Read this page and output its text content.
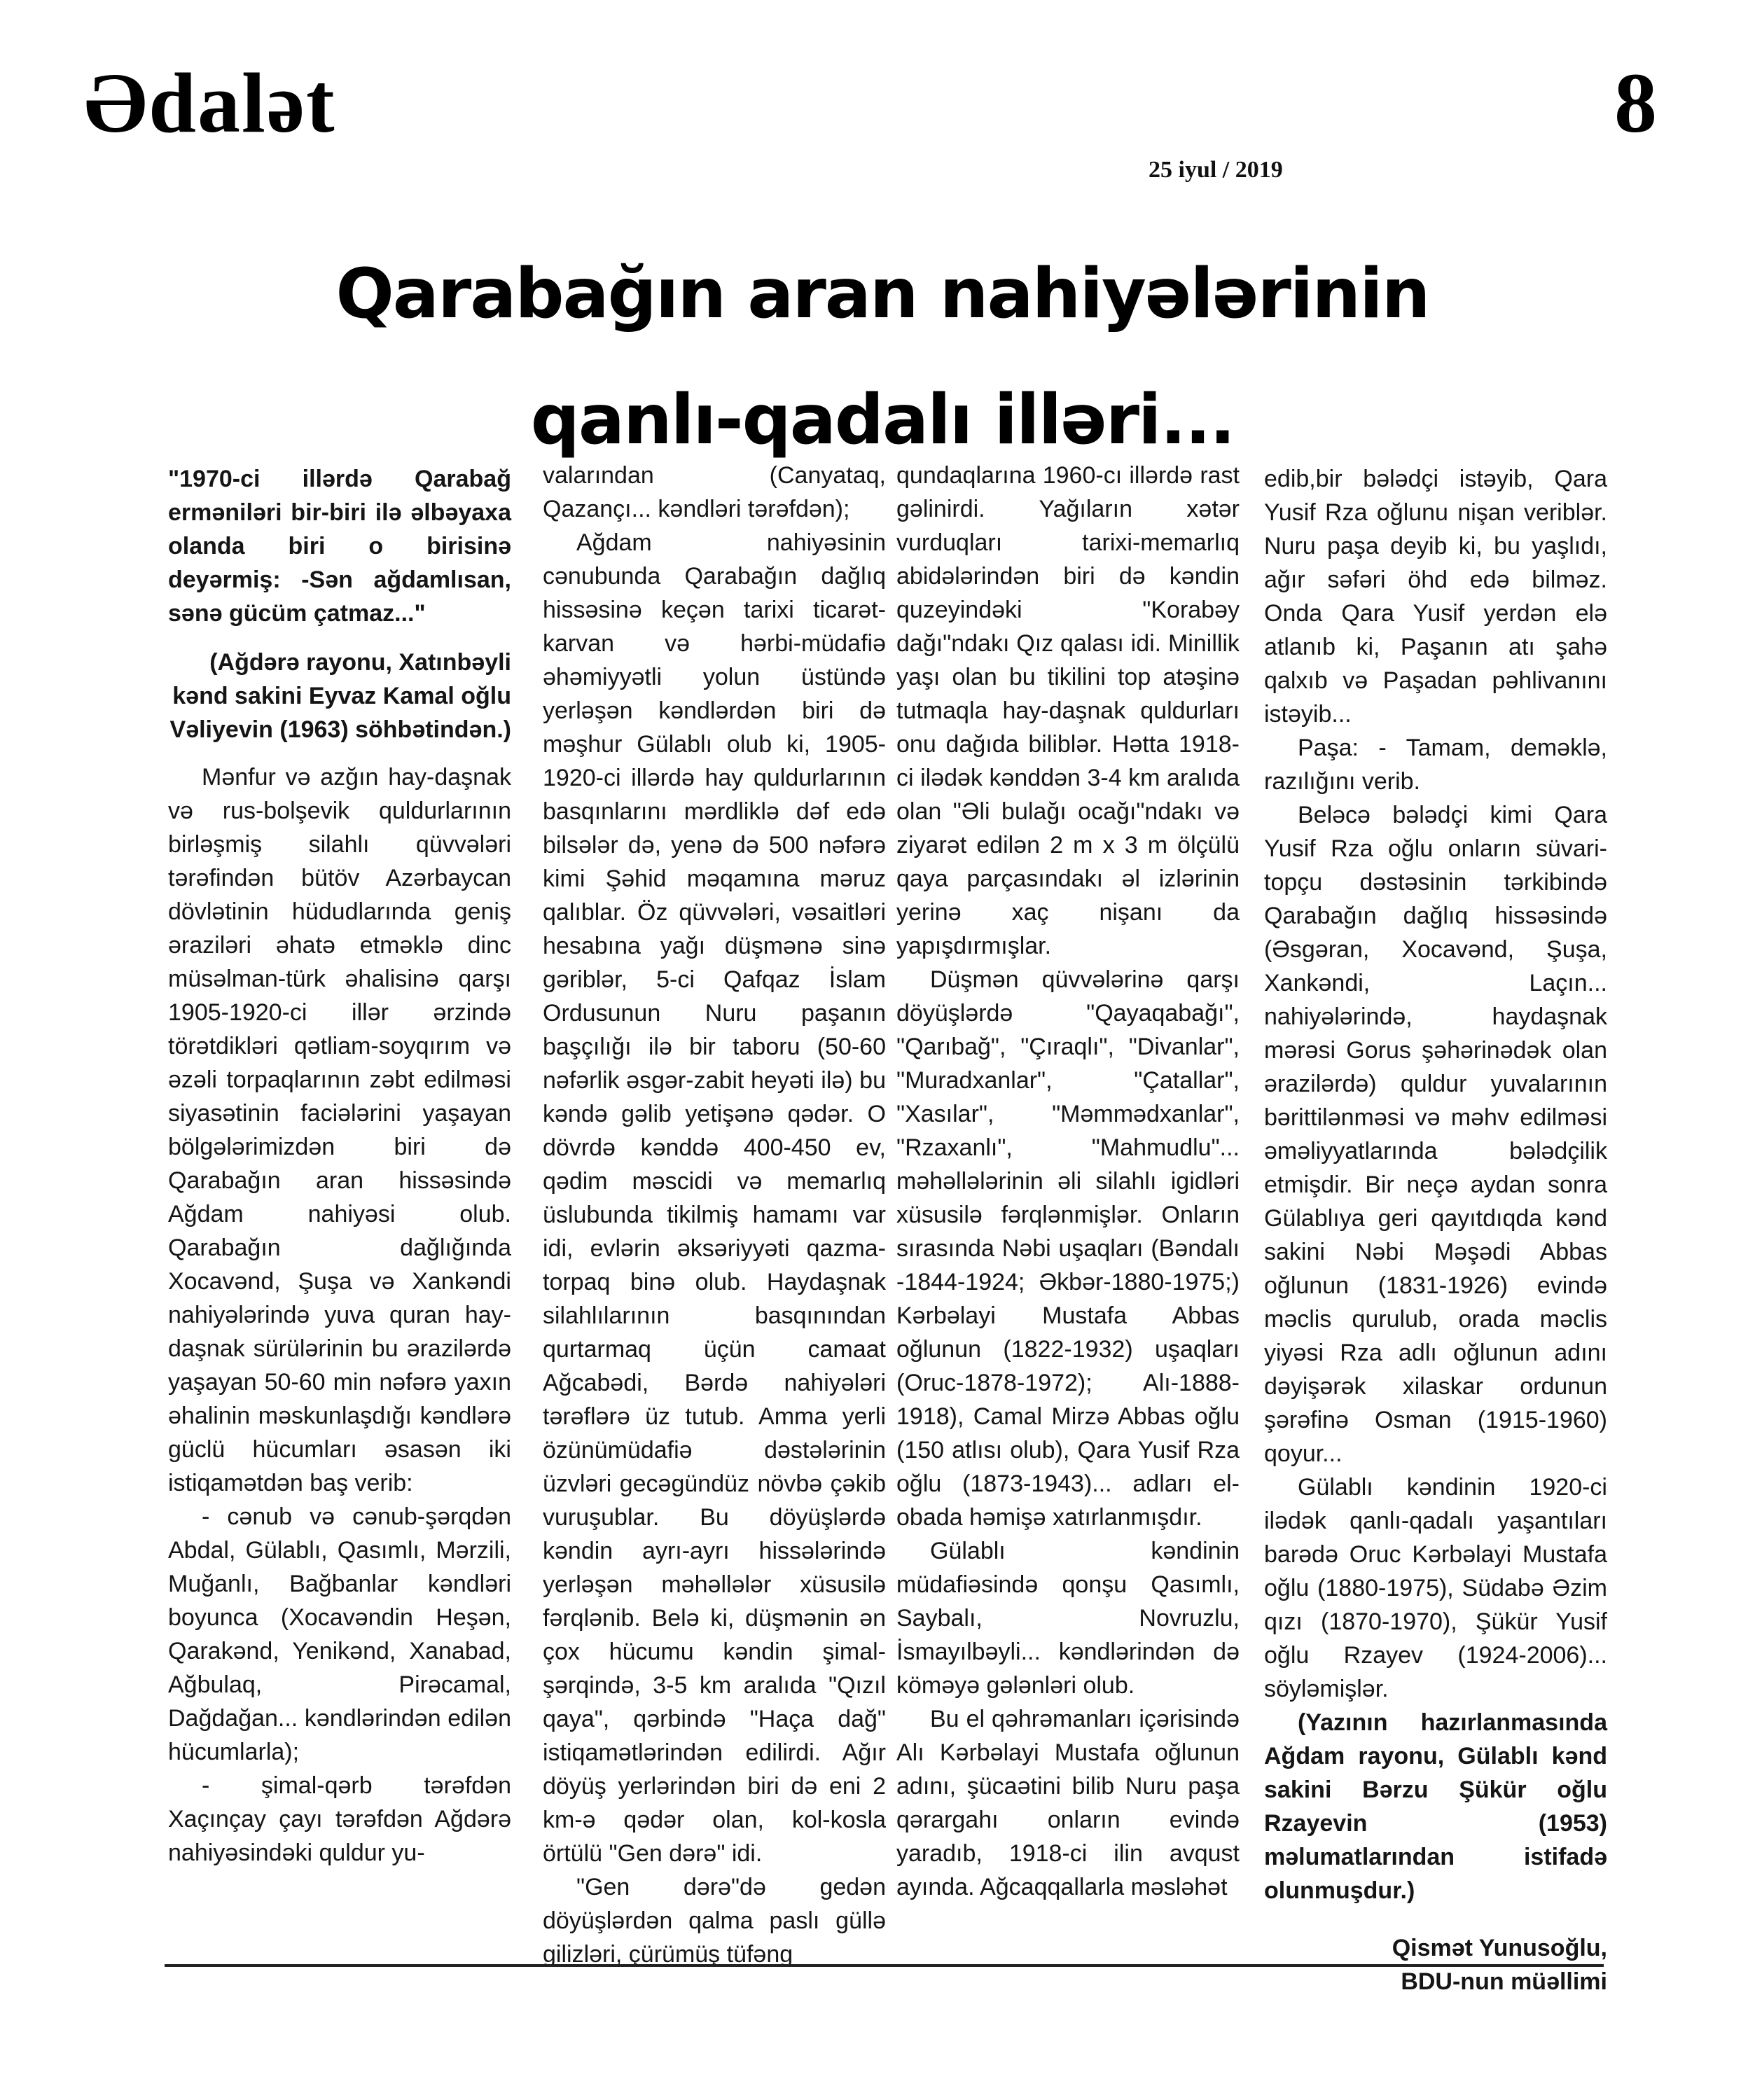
Ədalət	8
25 iyul / 2019
Qarabağın aran nahiyələrinin
qanlı-qadalı illəri...

"1970-ci illərdə Qarabağ ermənilәri bir-biri ilə əlbəyaxa olanda biri o birisinə deyərmiş: -Sən ağdamlısan, sənə gücüm çatmaz..."

(Ağdərə rayonu, Xatınbəyli kənd sakini Eyvaz Kamal oğlu Vəliyevin (1963) söhbətindən.)

Mənfur və azğın hay-daşnak və rus-bolşevik quldurlarının birləşmiş silahlı qüvvələri tərəfindən bütöv Azərbaycan dövlətinin hüdudlarında geniş əraziləri əhatə etməklə dinc müsəlman-türk əhalisinə qarşı 1905-1920-ci illər ərzində törətdikləri qətliam-soyqırım və əzəli torpaqlarının zəbt edilməsi siyasətinin faciələrini yaşayan bölgələrimizdən biri də Qarabağın aran hissəsində Ağdam nahiyəsi olub. Qarabağın dağlığında Xocavənd, Şuşa və Xankəndi nahiyələrində yuva quran hay-daşnak sürülərinin bu ərazilərdə yaşayan 50-60 min nəfərə yaxın əhalinin məskunlaşdığı kəndlərə güclü hücumları əsasən iki istiqamətdən baş verib:

- cənub və cənub-şərqdən Abdal, Gülablı, Qasımlı, Mərzili, Muğanlı, Bağbanlar kəndləri boyunca (Xocavəndin Heşən, Qarakənd, Yenikənd, Xanabad, Ağbulaq, Pirəcamal, Dağdağan... kəndlərindən edilən hücumlarla);

- şimal-qərb tərəfdən Xaçınçay çayı tərəfdən Ağdərə nahiyəsindəki quldur yu-

valarından (Canyataq, Qazançı... kəndləri tərəfdən);

Ağdam nahiyəsinin cənubunda Qarabağın dağlıq hissəsinə keçən tarixi ticarət-karvan və hərbi-müdafiə əhəmiyyətli yolun üstündə yerləşən kəndlərdən biri də məşhur Gülablı olub ki, 1905-1920-ci illərdə hay quldurlarının basqınlarını mərdliklə dəf edə bilsələr də, yenə də 500 nəfərə kimi Şəhid məqamına məruz qalıblar. Öz qüvvələri, vəsaitləri hesabına yağı düşmənə sinə gəriblər, 5-ci Qafqaz İslam Ordusunun Nuru paşanın başçılığı ilə bir taboru (50-60 nəfərlik əsgər-zabit heyəti ilə) bu kəndə gəlib yetişənə qədər. O dövrdə kənddə 400-450 ev, qədim məscidi və memarlıq üslubunda tikilmiş hamamı var idi, evlərin əksəriyyəti qazma-torpaq binə olub. Haydaşnak silahlılarının basqınından qurtarmaq üçün camaat Ağcabədi, Bərdə nahiyələri tərəflərə üz tutub. Amma yerli özünümüdafiə dəstələrinin üzvləri gecəgündüz növbə çəkib vuruşublar. Bu döyüşlərdə kəndin ayrı-ayrı hissələrində yerləşən məhəllələr xüsusilə fərqlənib. Belə ki, düşmənin ən çox hücumu kəndin şimal-şərqində, 3-5 km aralıda "Qızıl qaya", qərbində "Haça dağ" istiqamətlərindən edilirdi. Ağır döyüş yerlərindən biri də eni 2 km-ə qədər olan, kol-kosla örtülü "Gen dərə" idi.

"Gen dərə"də gedən döyüşlərdən qalma paslı güllə gilizləri, çürümüş tüfəng

qundaqlarına 1960-cı illərdə rast gəlinirdi. Yağıların xətər vurduqları tarixi-memarlıq abidələrindən biri də kəndin quzeyindəki "Korabəy dağı"ndakı Qız qalası idi. Minillik yaşı olan bu tikilini top atəşinə tutmaqla hay-daşnak quldurları onu dağıda biliblər. Hətta 1918-ci ilədək kənddən 3-4 km aralıda olan "Əli bulağı ocağı"ndakı və ziyarət edilən 2 m x 3 m ölçülü qaya parçasındakı əl izlərinin yerinə xaç nişanı da yapışdırmışlar.

Düşmən qüvvələrinə qarşı döyüşlərdə "Qayaqabağı", "Qarıbağ", "Çıraqlı", "Divanlar", "Muradxanlar", "Çatallar", "Xasılar", "Məmmədxanlar", "Rzaxanlı", "Mahmudlu"... məhəllələrinin əli silahlı igidləri xüsusilə fərqlənmişlər. Onların sırasında Nəbi uşaqları (Bəndalı -1844-1924; Əkbər-1880-1975;) Kərbəlayi Mustafa Abbas oğlunun (1822-1932) uşaqları (Oruc-1878-1972); Alı-1888-1918), Camal Mirzə Abbas oğlu (150 atlısı olub), Qara Yusif Rza oğlu (1873-1943)... adları el-obada həmişə xatırlanmışdır.

Gülablı kəndinin müdafiəsində qonşu Qasımlı, Saybalı, Novruzlu, İsmayılbəyli... kəndlərindən də köməyə gələnləri olub.

Bu el qəhrəmanları içərisində Alı Kərbəlayi Mustafa oğlunun adını, şücaətini bilib Nuru paşa qərargahı onların evində yaradıb, 1918-ci ilin avqust ayında. Ağcaqqallarla məsləhət

edib,bir bələdçi istəyib, Qara Yusif Rza oğlunu nişan veriblər. Nuru paşa deyib ki, bu yaşlıdı, ağır səfəri öhd edə bilməz. Onda Qara Yusif yerdən elə atlanıb ki, Paşanın atı şahə qalxıb və Paşadan pəhlivanını istəyib...

Paşa: - Tamam, deməklə, razılığını verib.

Beləcə bələdçi kimi Qara Yusif Rza oğlu onların süvari-topçu dəstəsinin tərkibində Qarabağın dağlıq hissəsində (Əsgəran, Xocavənd, Şuşa, Xankəndi, Laçın... nahiyələrində, haydaşnak mərəsi Gorus şəhərinədək olan ərazilərdə) quldur yuvalarının bərittilənməsi və məhv edilməsi əməliyyatlarında bələdçilik etmişdir. Bir neçə aydan sonra Gülablıya geri qayıtdıqda kənd sakini Nəbi Məşədi Abbas oğlunun (1831-1926) evində məclis qurulub, orada məclis yiyəsi Rza adlı oğlunun adını dəyişərək xilaskar ordunun şərəfinə Osman (1915-1960) qoyur...

Gülablı kəndinin 1920-ci ilədək qanlı-qadalı yaşantıları barədə Oruc Kərbəlayi Mustafa oğlu (1880-1975), Südabə Əzim qızı (1870-1970), Şükür Yusif oğlu Rzayev (1924-2006)... söyləmişlər.

(Yazının hazırlanmasında Ağdam rayonu, Gülablı kənd sakini Bərzu Şükür oğlu Rzayevin (1953) məlumatlarından istifadə olunmuşdur.)

Qismət Yunusoğlu,

BDU-nun müəllimi
